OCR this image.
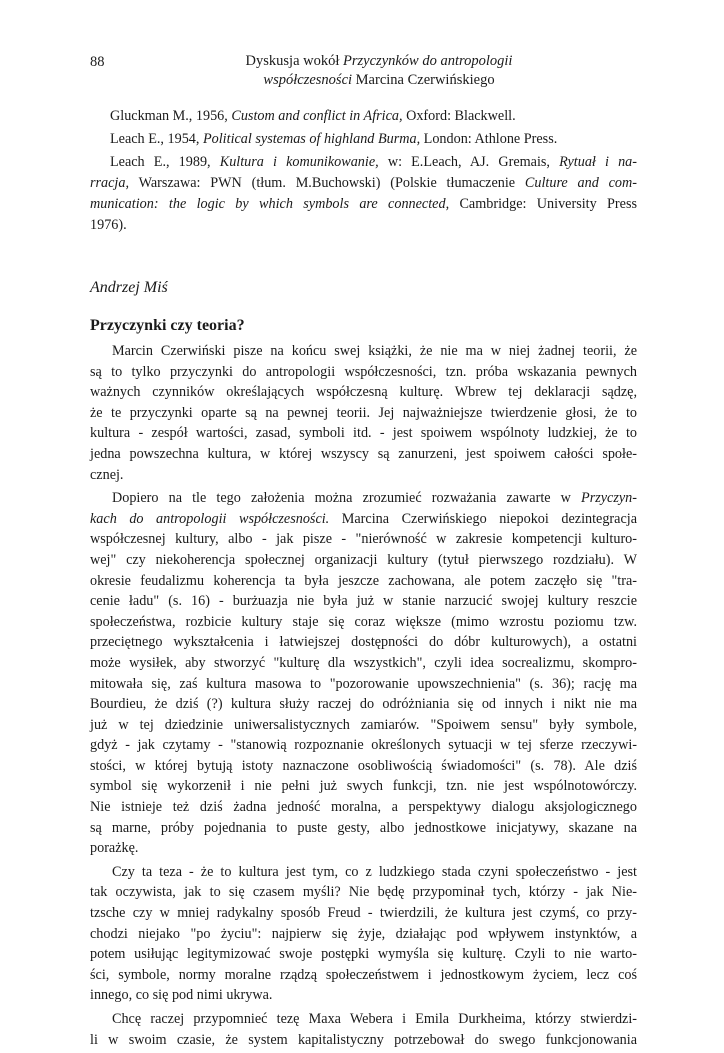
88	Dyskusja wokół Przyczynków do antropologii
współczesności Marcina Czerwińskiego
Gluckman M., 1956, Custom and conflict in Africa, Oxford: Blackwell.
Leach E., 1954, Political systemas of highland Burma, London: Athlone Press.
Leach E., 1989, Kultura i komunikowanie, w: E.Leach, AJ. Gremais, Rytuał i na-
rracja, Warszawa: PWN (tłum. M.Buchowski) (Polskie tłumaczenie Culture and com-
munication: the logic by which symbols are connected, Cambridge: University Press
1976).
Andrzej Miś
Przyczynki czy teoria?
Marcin Czerwiński pisze na końcu swej książki, że nie ma w niej żadnej teorii, że
są to tylko przyczynki do antropologii współczesności, tzn. próba wskazania pewnych
ważnych czynników określających współczesną kulturę. Wbrew tej deklaracji sądzę,
że te przyczynki oparte są na pewnej teorii. Jej najważniejsze twierdzenie głosi, że to
kultura - zespół wartości, zasad, symboli itd. - jest spoiwem wspólnoty ludzkiej, że to
jedna powszechna kultura, w której wszyscy są zanurzeni, jest spoiwem całości społe-
cznej.
Dopiero na tle tego założenia można zrozumieć rozważania zawarte w Przyczyn-
kach do antropologii współczesności. Marcina Czerwińskiego niepokoi dezintegracja
współczesnej kultury, albo - jak pisze - "nierówność w zakresie kompetencji kulturo-
wej" czy niekoherencja społecznej organizacji kultury (tytuł pierwszego rozdziału). W
okresie feudalizmu koherencja ta była jeszcze zachowana, ale potem zaczęło się "tra-
cenie ładu" (s. 16) - burżuazja nie była już w stanie narzucić swojej kultury reszcie
społeczeństwa, rozbicie kultury staje się coraz większe (mimo wzrostu poziomu tzw.
przeciętnego wykształcenia i łatwiejszej dostępności do dóbr kulturowych), a ostatni
może wysiłek, aby stworzyć "kulturę dla wszystkich", czyli idea socrealizmu, skompro-
mitowała się, zaś kultura masowa to "pozorowanie upowszechnienia" (s. 36); rację ma
Bourdieu, że dziś (?) kultura służy raczej do odróżniania się od innych i nikt nie ma
już w tej dziedzinie uniwersalistycznych zamiarów. "Spoiwem sensu" były symbole,
gdyż - jak czytamy - "stanowią rozpoznanie określonych sytuacji w tej sferze rzeczywi-
stości, w której bytują istoty naznaczone osobliwością świadomości" (s. 78). Ale dziś
symbol się wykorzenił i nie pełni już swych funkcji, tzn. nie jest wspólnotowórczy.
Nie istnieje też dziś żadna jedność moralna, a perspektywy dialogu aksjologicznego
są marne, próby pojednania to puste gesty, albo jednostkowe inicjatywy, skazane na
porażkę.
Czy ta teza - że to kultura jest tym, co z ludzkiego stada czyni społeczeństwo - jest
tak oczywista, jak to się czasem myśli? Nie będę przypominał tych, którzy - jak Nie-
tzsche czy w mniej radykalny sposób Freud - twierdzili, że kultura jest czymś, co przy-
chodzi niejako "po życiu": najpierw się żyje, działając pod wpływem instynktów, a
potem usiłując legitymizować swoje postępki wymyśla się kulturę. Czyli to nie warto-
ści, symbole, normy moralne rządzą społeczeństwem i jednostkowym życiem, lecz coś
innego, co się pod nimi ukrywa.
Chcę raczej przypomnieć tezę Maxa Webera i Emila Durkheima, którzy stwierdzi-
li w swoim czasie, że system kapitalistyczny potrzebował do swego funkcjonowania
